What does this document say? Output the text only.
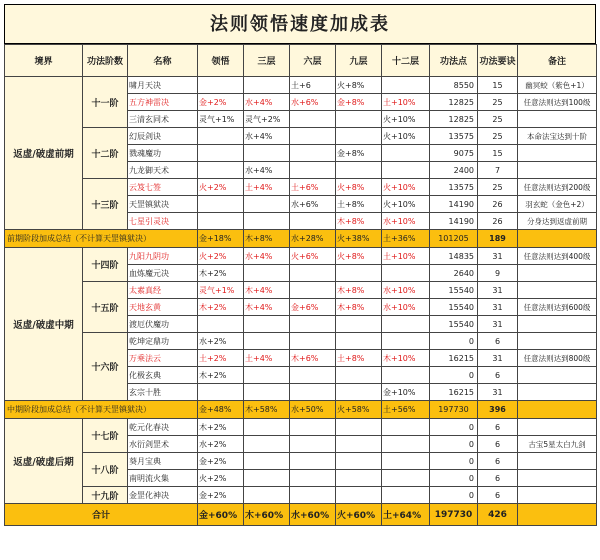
法则领悟速度加成表
境界	功法阶数	名称	领悟	三层	六层	九层	十二层	功法点	功法要诀	备注
返虚/破虚前期	十一阶	啸月天决			土+6	火+8%		8550	15	幽冥蛟（紫色+1）
		五方神雷决	金+2%	水+4%	水+6%	金+8%	土+10%	12825	25	任意法则达到100级
		三清玄同术	灵气+1%	灵气+2%			火+10%	12825	25	
	十二阶	幻辰剑诀		水+4%			火+10%	13575	25	本命法宝达到十阶
		戮魂魔功				金+8%		9075	15	
		九龙御天术		水+4%				2400	7	
	十三阶	云笈七签	火+2%	土+4%	土+6%	火+8%	火+10%	13575	25	任意法则达到200级
		天罡镇狱决			水+6%	土+8%	火+10%	14190	26	羽玄蛇（金色+2）
		七星引灵决				木+8%	水+10%	14190	26	分身达到返虚前期
前期阶段加成总结（不计算天罡镇狱决）			金+18%	木+8%	水+28%	火+38%	土+36%	101205	189	
返虚/破虚中期	十四阶	九阳九阴功	火+2%	水+4%	火+6%	火+8%	土+10%	14835	31	任意法则达到400级
		血炼魔元决	木+2%					2640	9	
	十五阶	太素真经	灵气+1%	木+4%		木+8%	水+10%	15540	31	
		天地玄黄	木+2%	木+4%	金+6%	木+8%	水+10%	15540	31	任意法则达到600级
		渡厄伏魔功						15540	31	
	十六阶	乾坤定鼎功	水+2%					0	6	
		万乘法云	土+2%	土+4%	木+6%	土+8%	木+10%	16215	31	任意法则达到800级
		化极玄典	木+2%					0	6	
		玄宗十胜					金+10%	16215	31	
中期阶段加成总结（不计算天罡镇狱决）			金+48%	木+58%	水+50%	火+58%	土+56%	197730	396	
返虚/破虚后期	十七阶	乾元化春决	木+2%					0	6	
		水衍剑罡术	水+2%					0	6	古宝5星太白九剑
	十八阶	葵月宝典	金+2%					0	6	
		南明流火集	火+2%					0	6	
	十九阶	金罡化神决	金+2%					0	6	
合计			金+60%	木+60%	水+60%	火+60%	土+64%	197730	426	
